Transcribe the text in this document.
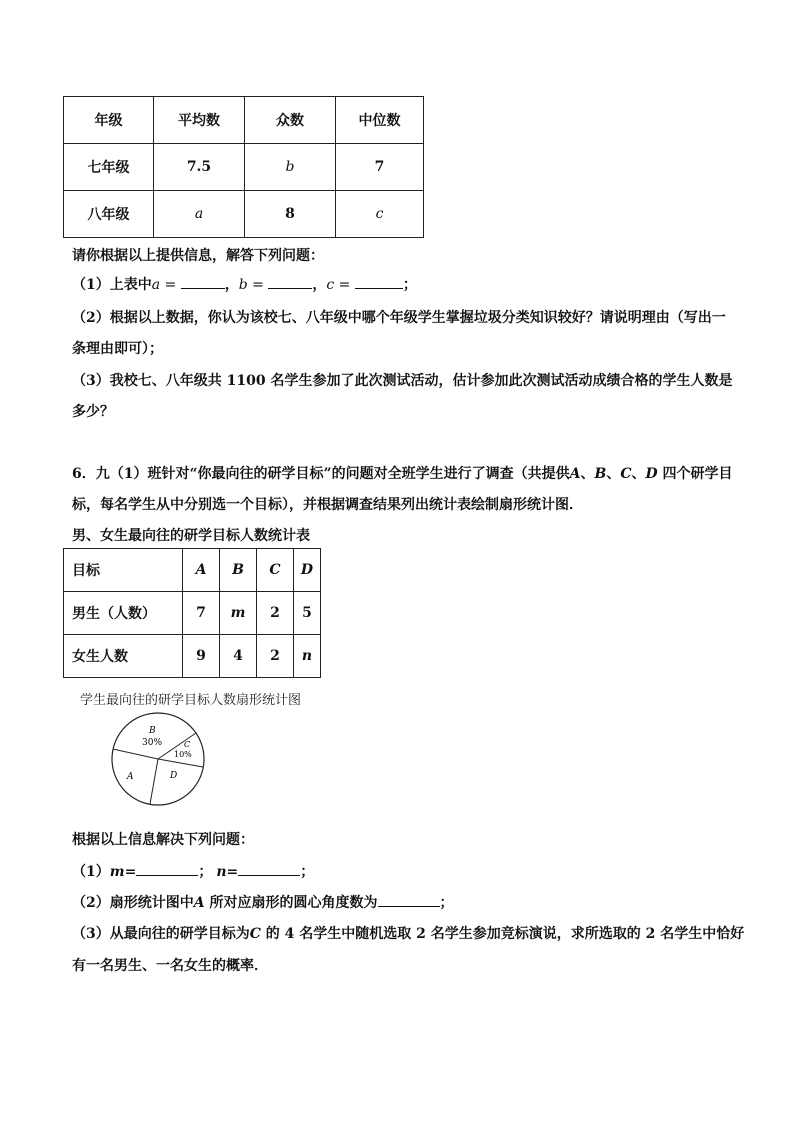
年级	平均数	众数	中位数
七年级	7.5	b	7
八年级	a	8	c
请你根据以上提供信息，解答下列问题：
（1）上表中a =	，b =	，c =	；
（2）根据以上数据，你认为该校七、八年级中哪个年级学生掌握垃圾分类知识较好？请说明理由（写出一
条理由即可）；
（3）我校七、八年级共 1100 名学生参加了此次测试活动，估计参加此次测试活动成绩合格的学生人数是
多少？
6．九（1）班针对“你最向往的研学目标”的问题对全班学生进行了调查（共提供A、B、C、D 四个研学目
标，每名学生从中分别选一个目标），并根据调查结果列出统计表绘制扇形统计图．
男、女生最向往的研学目标人数统计表
目标	A	B	C	D
男生（人数）	7	m	2	5
女生人数	9	4	2	n
学生最向往的研学目标人数扇形统计图
B
30%	C
10%
D
A
根据以上信息解决下列问题：
（1）m=	； n=	；
（2）扇形统计图中A 所对应扇形的圆心角度数为	；
（3）从最向往的研学目标为C 的 4 名学生中随机选取 2 名学生参加竞标演说，求所选取的 2 名学生中恰好
有一名男生、一名女生的概率．
